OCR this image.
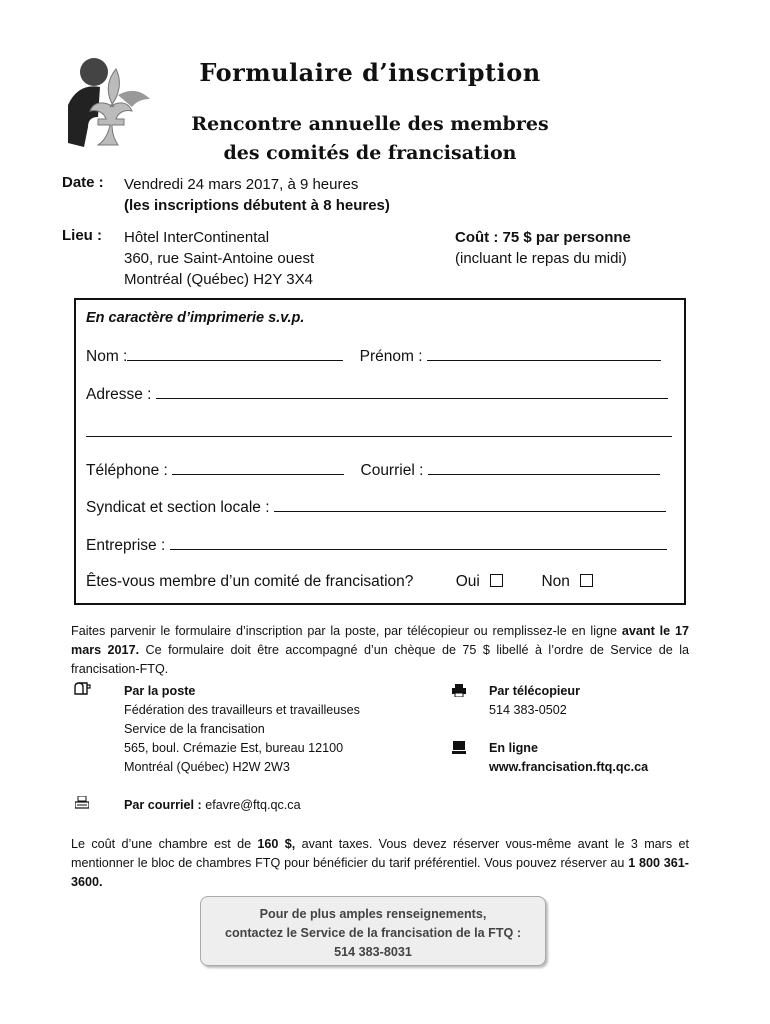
Formulaire d’inscription
Rencontre annuelle des membres
des comités de francisation
Date : Vendredi 24 mars 2017, à 9 heures
(les inscriptions débutent à 8 heures)
Lieu : Hôtel InterContinental
360, rue Saint-Antoine ouest
Montréal (Québec) H2Y 3X4
Coût : 75 $ par personne
(incluant le repas du midi)
En caractère d’imprimerie s.v.p.
Nom :	Prénom :
Adresse :
Téléphone :	Courriel :
Syndicat et section locale :
Entreprise :
Êtes-vous membre d’un comité de francisation?	Oui	Non
Faites parvenir le formulaire d’inscription par la poste, par télécopieur ou remplissez-le en ligne avant le 17 mars 2017. Ce formulaire doit être accompagné d’un chèque de 75 $ libellé à l’ordre de Service de la francisation-FTQ.
Par la poste
Fédération des travailleurs et travailleuses
Service de la francisation
565, boul. Crémazie Est, bureau 12100
Montréal (Québec) H2W 2W3
Par télécopieur
514 383-0502
En ligne
www.francisation.ftq.qc.ca
Par courriel : efavre@ftq.qc.ca
Le coût d’une chambre est de 160 $, avant taxes. Vous devez réserver vous-même avant le 3 mars et mentionner le bloc de chambres FTQ pour bénéficier du tarif préférentiel. Vous pouvez réserver au 1 800 361-3600.
Pour de plus amples renseignements,
contactez le Service de la francisation de la FTQ :
514 383-8031
